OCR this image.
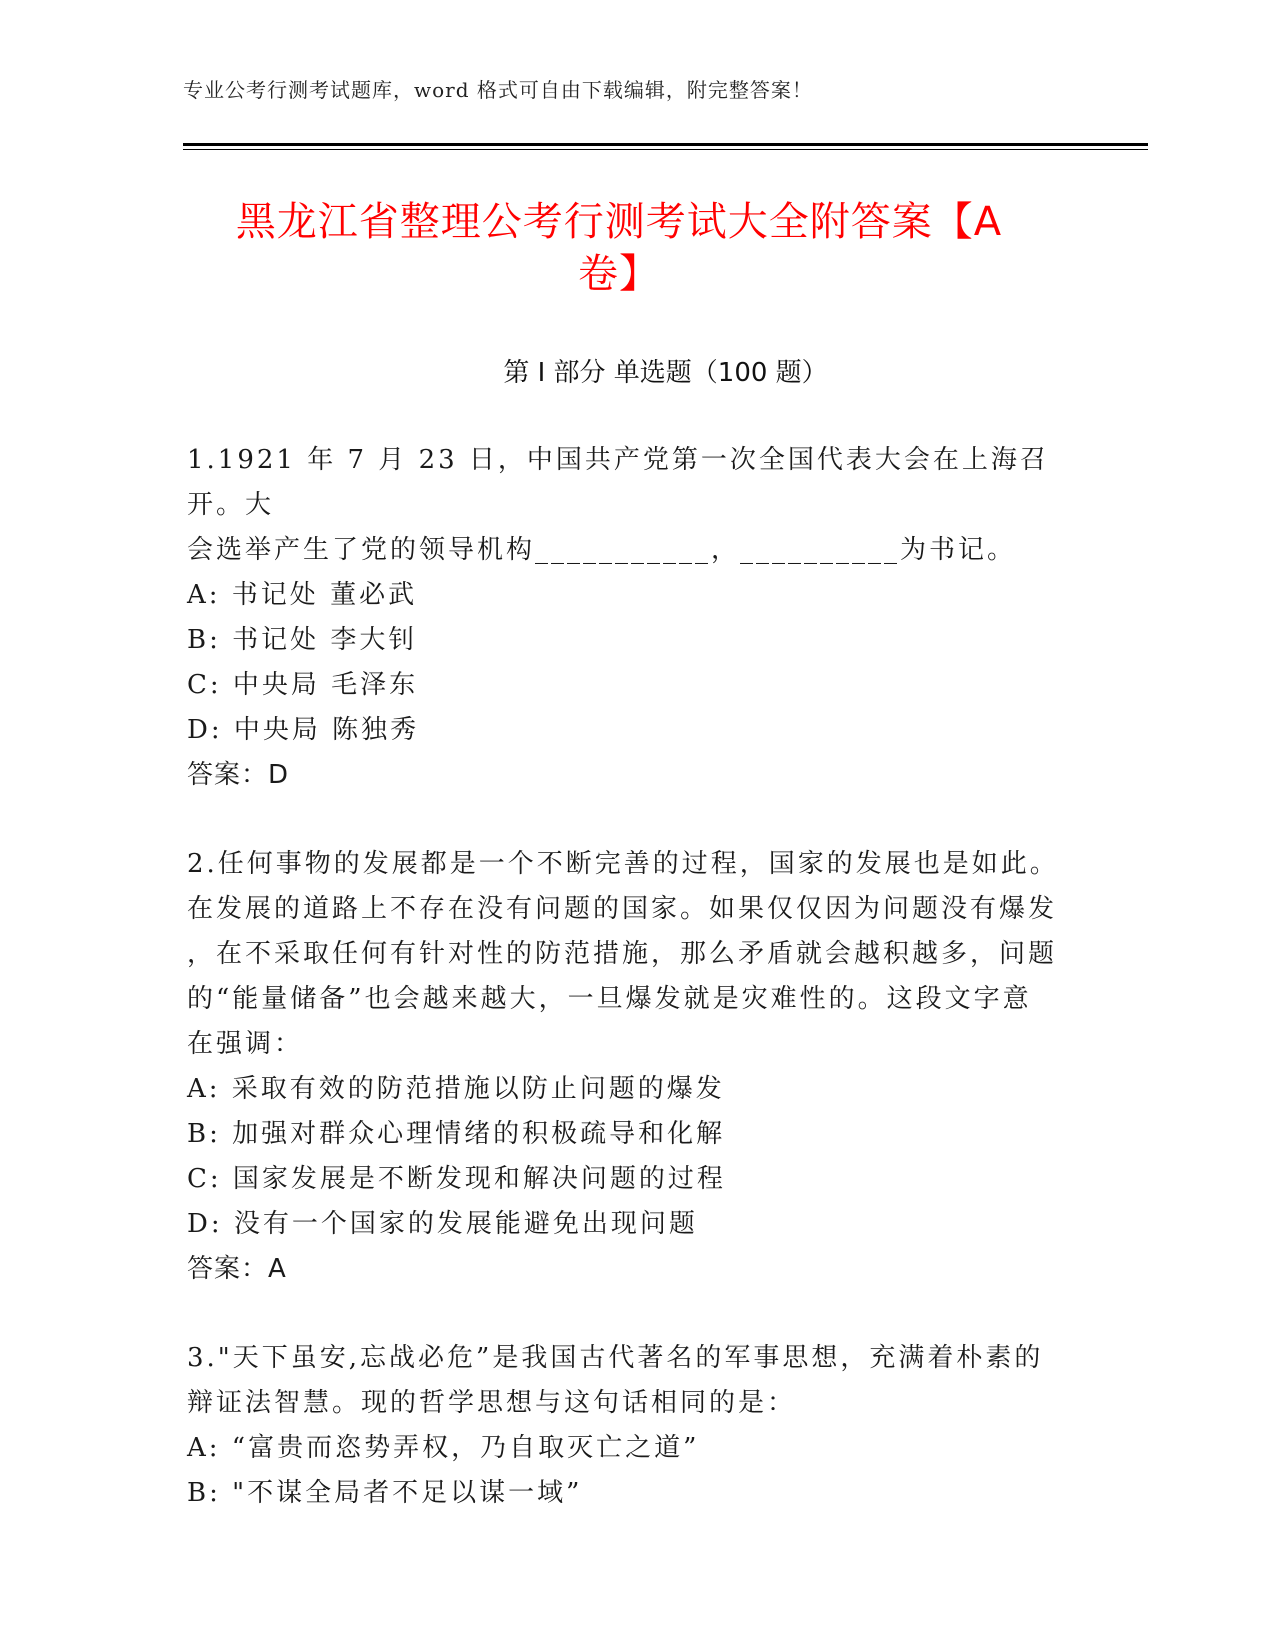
专业公考行测考试题库，word 格式可自由下载编辑，附完整答案！
黑龙江省整理公考行测考试大全附答案【A
卷】
第 I 部分 单选题（100 题）

1.1921 年 7 月 23 日，中国共产党第一次全国代表大会在上海召开。大

会选举产生了党的领导机构___________，__________为书记。

A: 书记处 董必武

B: 书记处 李大钊

C: 中央局 毛泽东

D: 中央局 陈独秀

答案：D

2.任何事物的发展都是一个不断完善的过程，国家的发展也是如此。

在发展的道路上不存在没有问题的国家。如果仅仅因为问题没有爆发

，在不采取任何有针对性的防范措施，那么矛盾就会越积越多，问题

的“能量储备”也会越来越大，一旦爆发就是灾难性的。这段文字意

在强调：

A: 采取有效的防范措施以防止问题的爆发

B: 加强对群众心理情绪的积极疏导和化解

C: 国家发展是不断发现和解决问题的过程

D: 没有一个国家的发展能避免出现问题

答案：A

3."天下虽安,忘战必危”是我国古代著名的军事思想，充满着朴素的

辩证法智慧。现的哲学思想与这句话相同的是：

A: “富贵而恣势弄权，乃自取灭亡之道”

B: "不谋全局者不足以谋一域”
